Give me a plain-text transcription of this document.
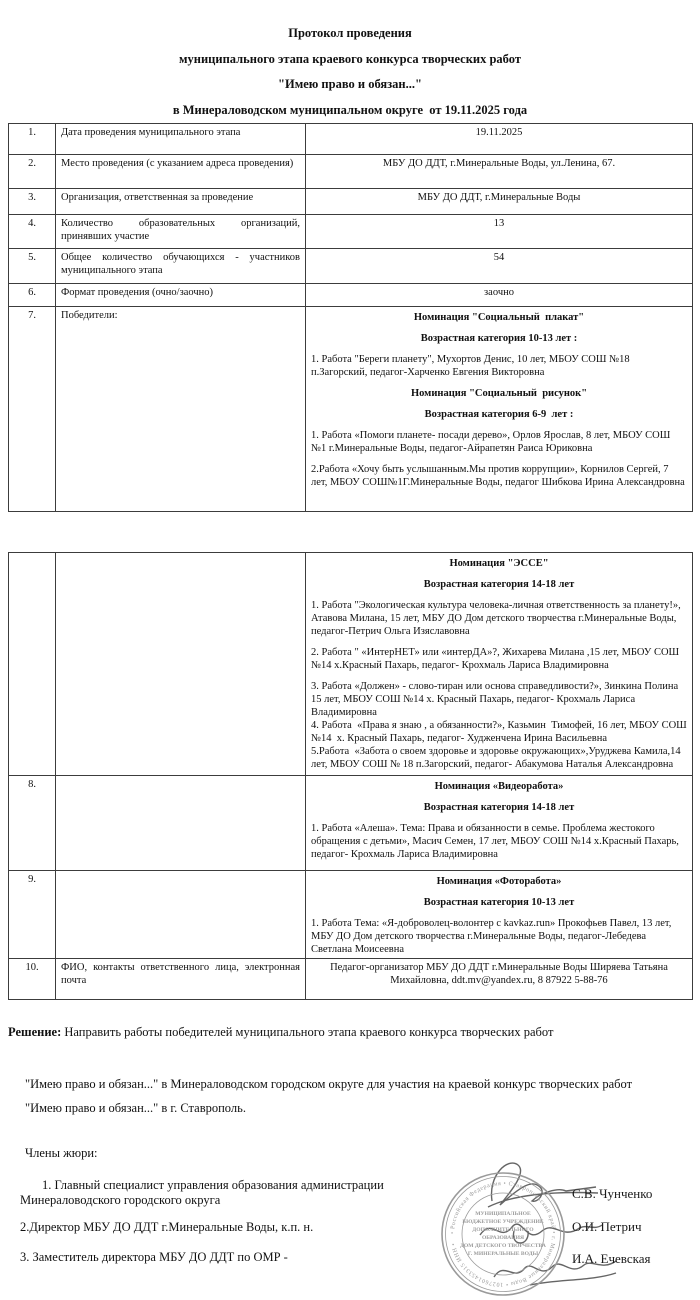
Протокол проведения
муниципального этапа краевого конкурса творческих работ
"Имею право и обязан..."
в Минераловодском муниципальном округе  от 19.11.2025 года
1.	Дата проведения муниципального этапа	19.11.2025
2.	Место проведения (с указанием адреса проведения)	МБУ ДО ДДТ, г.Минеральные Воды, ул.Ленина, 67.
3.	Организация, ответственная за проведение	МБУ ДО ДДТ, г.Минеральные Воды
4.	Количество образовательных организаций, принявших участие	13
5.	Общее количество обучающихся - участников муниципального этапа	54
6.	Формат проведения (очно/заочно)	заочно
7.	Победители:	Номинация "Социальный  плакат"
Возрастная категория 10-13 лет :
1. Работа "Береги планету", Мухортов Денис, 10 лет, МБОУ СОШ №18 п.Загорский, педагог-Харченко Евгения Викторовна
Номинация "Социальный  рисунок"
Возрастная категория 6-9  лет :
1. Работа «Помоги планете- посади дерево», Орлов Ярослав, 8 лет, МБОУ СОШ №1 г.Минеральные Воды, педагог-Айрапетян Раиса Юриковна
2.Работа «Хочу быть услышанным.Мы против коррупции», Корнилов Сергей, 7 лет, МБОУ СОШ№1Г.Минеральные Воды, педагог Шибкова Ирина Александровна

Номинация "ЭССЕ"
Возрастная категория 14-18 лет
1. Работа "Экологическая культура человека-личная ответственность за планету!», Атавова Милана, 15 лет, МБУ ДО Дом детского творчества г.Минеральные Воды, педагог-Петрич Ольга Изяславовна
2. Работа " «ИнтерНЕТ» или «интерДА»?, Жихарева Милана ,15 лет, МБОУ СОШ №14 х.Красный Пахарь, педагог- Крохмаль Лариса Владимировна
3. Работа «Должен» - слово-тиран или основа справедливости?», Зинкина Полина  15 лет, МБОУ СОШ №14 х. Красный Пахарь, педагог- Крохмаль Лариса Владимировна
4. Работа  «Права я знаю , а обязанности?», Казьмин  Тимофей, 16 лет, МБОУ СОШ №14  х. Красный Пахарь, педагог- Худженчена Ирина Васильевна
5.Работа  «Забота о своем здоровье и здоровье окружающих»,Уруджева Камила,14 лет, МБОУ СОШ № 18 п.Загорский, педагог- Абакумова Наталья Александровна

8.		Номинация «Видеоработа»
Возрастная категория 14-18 лет
1. Работа «Алеша». Тема: Права и обязанности в семье. Проблема жестокого обращения с детьми», Масич Семен, 17 лет, МБОУ СОШ №14 х.Красный Пахарь, педагог- Крохмаль Лариса Владимировна

9.		Номинация «Фоторабота»
Возрастная категория 10-13 лет
1. Работа Тема: «Я-доброволец-волонтер с kavkaz.run» Прокофьев Павел, 13 лет, МБУ ДО Дом детского творчества г.Минеральные Воды, педагог-Лебедева Светлана Моисеевна

10.	ФИО, контакты ответственного лица, электронная почта	Педагог-организатор МБУ ДО ДДТ г.Минеральные Воды Ширяева Татьяна Михайловна, ddt.mv@yandex.ru, 8 87922 5-88-76
Решение: Направить работы победителей муниципального этапа краевого конкурса творческих работ
"Имею право и обязан..." в Минераловодском городском округе для участия на краевой конкурс творческих работ
"Имею право и обязан..." в г. Ставрополь.
Члены жюри:
1. Главный специалист управления образования администрации Минераловодского городского округа
2.Директор МБУ ДО ДДТ г.Минеральные Воды, к.п. н.
3. Заместитель директора МБУ ДО ДДТ по ОМР -
• Российская Федерация • Ставропольский край • г. Минеральные Воды • 1027601453315 ИНН •
МУНИЦИПАЛЬНОЕ
БЮДЖЕТНОЕ УЧРЕЖДЕНИЕ
ДОПОЛНИТЕЛЬНОГО
ОБРАЗОВАНИЯ
ДОМ ДЕТСКОГО ТВОРЧЕСТВА
Г. МИНЕРАЛЬНЫЕ ВОДЫ
С.В. Чунченко
О.И. Петрич
И.А. Ечевская
